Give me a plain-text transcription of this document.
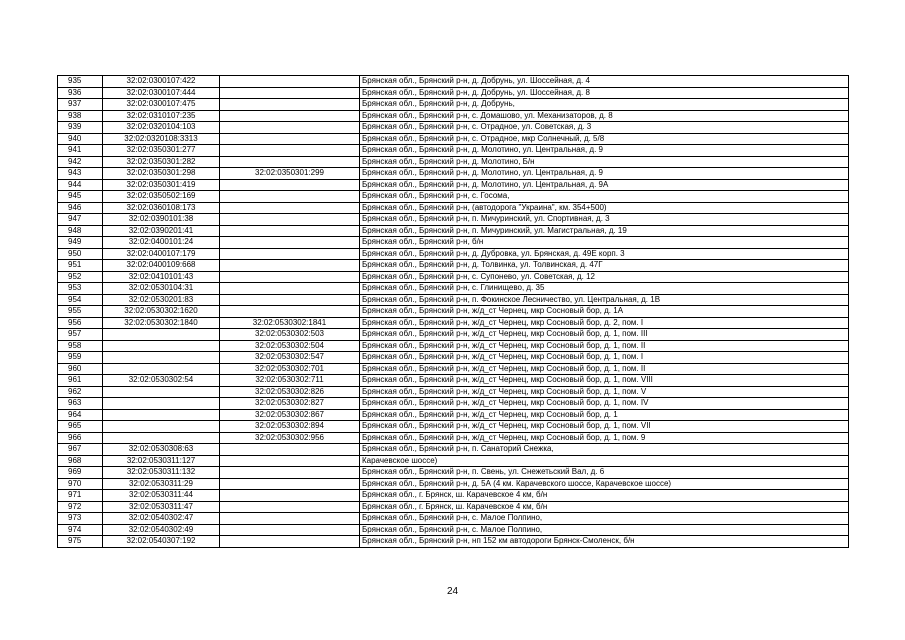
935	32:02:0300107:422		Брянская обл., Брянский р-н, д. Добрунь, ул. Шоссейная, д. 4
936	32:02:0300107:444		Брянская обл., Брянский р-н, д. Добрунь, ул. Шоссейная, д. 8
937	32:02:0300107:475		Брянская обл., Брянский р-н, д. Добрунь,
938	32:02:0310107:235		Брянская обл., Брянский р-н, с. Домашово, ул. Механизаторов, д. 8
939	32:02:0320104:103		Брянская обл., Брянский р-н, с. Отрадное, ул. Советская, д. 3
940	32:02:0320108:3313		Брянская обл., Брянский р-н, с. Отрадное, мкр Солнечный, д. 5/8
941	32:02:0350301:277		Брянская обл., Брянский р-н, д. Молотино, ул. Центральная, д. 9
942	32:02:0350301:282		Брянская обл., Брянский р-н, д. Молотино, Б/н
943	32:02:0350301:298	32:02:0350301:299	Брянская обл., Брянский р-н, д. Молотино, ул. Центральная, д. 9
944	32:02:0350301:419		Брянская обл., Брянский р-н, д. Молотино, ул. Центральная, д. 9А
945	32:02:0350502:169		Брянская обл., Брянский р-н, с. Госома,
946	32:02:0360108:173		Брянская обл., Брянский р-н, (автодорога "Украина", км. 354+500)
947	32:02:0390101:38		Брянская обл., Брянский р-н, п. Мичуринский, ул. Спортивная, д. 3
948	32:02:0390201:41		Брянская обл., Брянский р-н, п. Мичуринский, ул. Магистральная, д. 19
949	32:02:0400101:24		Брянская обл., Брянский р-н, б/н
950	32:02:0400107:179		Брянская обл., Брянский р-н, д. Дубровка, ул. Брянская, д. 49Е корп. 3
951	32:02:0400109:668		Брянская обл., Брянский р-н, д. Толвинка, ул. Толвинская, д. 47Г
952	32:02:0410101:43		Брянская обл., Брянский р-н, с. Супонево, ул. Советская, д. 12
953	32:02:0530104:31		Брянская обл., Брянский р-н, с. Глинищево, д. 35
954	32:02:0530201:83		Брянская обл., Брянский р-н, п. Фокинское Лесничество, ул. Центральная, д. 1В
955	32:02:0530302:1620		Брянская обл., Брянский р-н, ж/д_ст Чернец, мкр Сосновый бор, д. 1А
956	32:02:0530302:1840	32:02:0530302:1841	Брянская обл., Брянский р-н, ж/д_ст Чернец, мкр Сосновый бор, д. 2, пом. I
957		32:02:0530302:503	Брянская обл., Брянский р-н, ж/д_ст Чернец, мкр Сосновый бор, д. 1, пом. III
958		32:02:0530302:504	Брянская обл., Брянский р-н, ж/д_ст Чернец, мкр Сосновый бор, д. 1, пом. II
959		32:02:0530302:547	Брянская обл., Брянский р-н, ж/д_ст Чернец, мкр Сосновый бор, д. 1, пом. I
960		32:02:0530302:701	Брянская обл., Брянский р-н, ж/д_ст Чернец, мкр Сосновый бор, д. 1, пом. II
961	32:02:0530302:54	32:02:0530302:711	Брянская обл., Брянский р-н, ж/д_ст Чернец, мкр Сосновый бор, д. 1, пом. VIII
962		32:02:0530302:826	Брянская обл., Брянский р-н, ж/д_ст Чернец, мкр Сосновый бор, д. 1, пом. V
963		32:02:0530302:827	Брянская обл., Брянский р-н, ж/д_ст Чернец, мкр Сосновый бор, д. 1, пом. IV
964		32:02:0530302:867	Брянская обл., Брянский р-н, ж/д_ст Чернец, мкр Сосновый бор, д. 1
965		32:02:0530302:894	Брянская обл., Брянский р-н, ж/д_ст Чернец, мкр Сосновый бор, д. 1, пом. VII
966		32:02:0530302:956	Брянская обл., Брянский р-н, ж/д_ст Чернец, мкр Сосновый бор, д. 1, пом. 9
967	32:02:0530308:63		Брянская обл., Брянский р-н, п. Санаторий Снежка,
968	32:02:0530311:127		Карачевское шоссе)
969	32:02:0530311:132		Брянская обл., Брянский р-н, п. Свень, ул. Снежетьский Вал, д. 6
970	32:02:0530311:29		Брянская обл., Брянский р-н, д. 5А (4 км. Карачевского шоссе, Карачевское шоссе)
971	32:02:0530311:44		Брянская обл., г. Брянск, ш. Карачевское 4 км, б/н
972	32:02:0530311:47		Брянская обл., г. Брянск, ш. Карачевское 4 км, б/н
973	32:02:0540302:47		Брянская обл., Брянский р-н, с. Малое Полпино,
974	32:02:0540302:49		Брянская обл., Брянский р-н, с. Малое Полпино,
975	32:02:0540307:192		Брянская обл., Брянский р-н, нп 152 км автодороги Брянск-Смоленск, б/н
24
